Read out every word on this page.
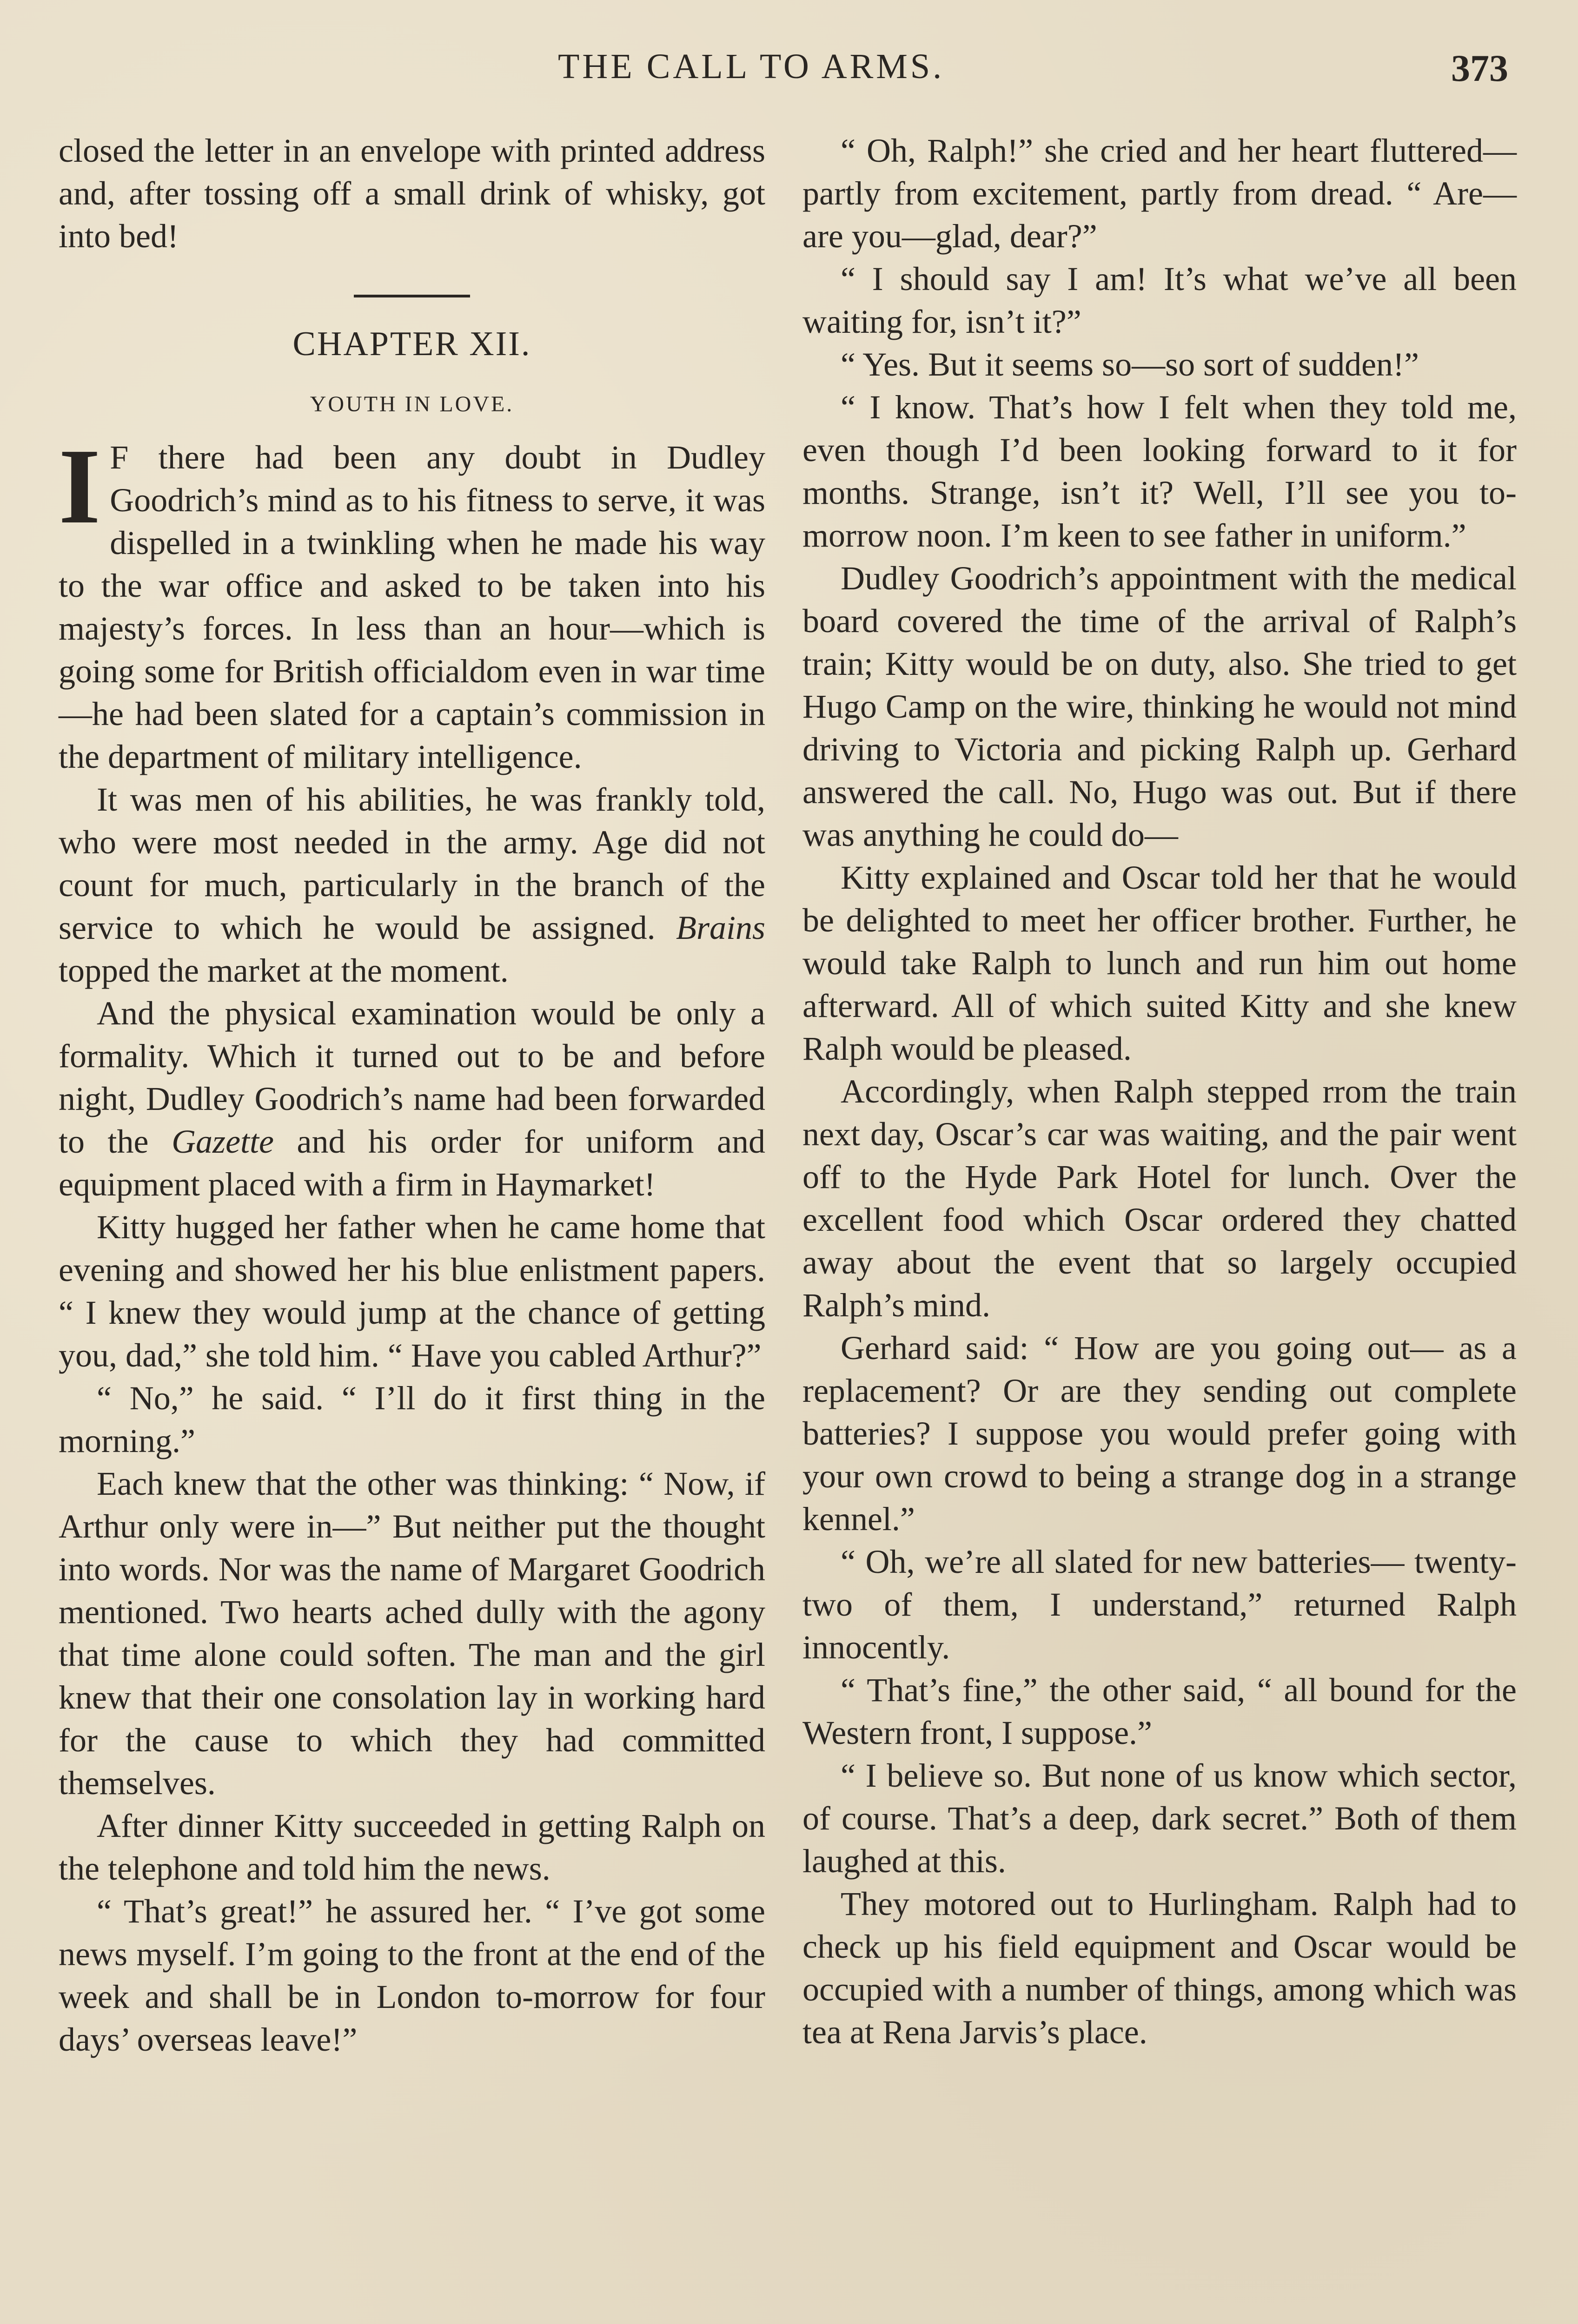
THE CALL TO ARMS.	373

closed the letter in an envelope with printed address and, after tossing off a small drink of whisky, got into bed!

CHAPTER XII.
YOUTH IN LOVE.

I F there had been any doubt in Dudley Goodrich’s mind as to his fitness to serve, it was dispelled in a twinkling when he made his way to the war office and asked to be taken into his majesty’s forces. In less than an hour—which is going some for British officialdom even in war time—he had been slated for a captain’s commission in the department of military intelligence.

It was men of his abilities, he was frankly told, who were most needed in the army. Age did not count for much, particularly in the branch of the service to which he would be assigned. Brains topped the market at the moment.

And the physical examination would be only a formality. Which it turned out to be and before night, Dudley Goodrich’s name had been forwarded to the Gazette and his order for uniform and equipment placed with a firm in Haymarket!

Kitty hugged her father when he came home that evening and showed her his blue enlistment papers. “ I knew they would jump at the chance of getting you, dad,” she told him. “ Have you cabled Arthur?”

“ No,” he said. “ I’ll do it first thing in the morning.”

Each knew that the other was thinking: “ Now, if Arthur only were in—” But neither put the thought into words. Nor was the name of Margaret Goodrich mentioned. Two hearts ached dully with the agony that time alone could soften. The man and the girl knew that their one consolation lay in working hard for the cause to which they had committed themselves.

After dinner Kitty succeeded in getting Ralph on the telephone and told him the news.

“ That’s great!” he assured her. “ I’ve got some news myself. I’m going to the front at the end of the week and shall be in London to-morrow for four days’ overseas leave!”

“ Oh, Ralph!” she cried and her heart fluttered—partly from excitement, partly from dread. “ Are—are you—glad, dear?”

“ I should say I am! It’s what we’ve all been waiting for, isn’t it?”

“ Yes. But it seems so—so sort of sudden!”

“ I know. That’s how I felt when they told me, even though I’d been looking forward to it for months. Strange, isn’t it? Well, I’ll see you to-morrow noon. I’m keen to see father in uniform.”

Dudley Goodrich’s appointment with the medical board covered the time of the arrival of Ralph’s train; Kitty would be on duty, also. She tried to get Hugo Camp on the wire, thinking he would not mind driving to Victoria and picking Ralph up. Gerhard answered the call. No, Hugo was out. But if there was anything he could do—

Kitty explained and Oscar told her that he would be delighted to meet her officer brother. Further, he would take Ralph to lunch and run him out home afterward. All of which suited Kitty and she knew Ralph would be pleased.

Accordingly, when Ralph stepped rrom the train next day, Oscar’s car was waiting, and the pair went off to the Hyde Park Hotel for lunch. Over the excellent food which Oscar ordered they chatted away about the event that so largely occupied Ralph’s mind.

Gerhard said: “ How are you going out— as a replacement? Or are they sending out complete batteries? I suppose you would prefer going with your own crowd to being a strange dog in a strange kennel.”

“ Oh, we’re all slated for new batteries— twenty-two of them, I understand,” returned Ralph innocently.

“ That’s fine,” the other said, “ all bound for the Western front, I suppose.”

“ I believe so. But none of us know which sector, of course. That’s a deep, dark secret.” Both of them laughed at this.

They motored out to Hurlingham. Ralph had to check up his field equipment and Oscar would be occupied with a number of things, among which was tea at Rena Jarvis’s place.
